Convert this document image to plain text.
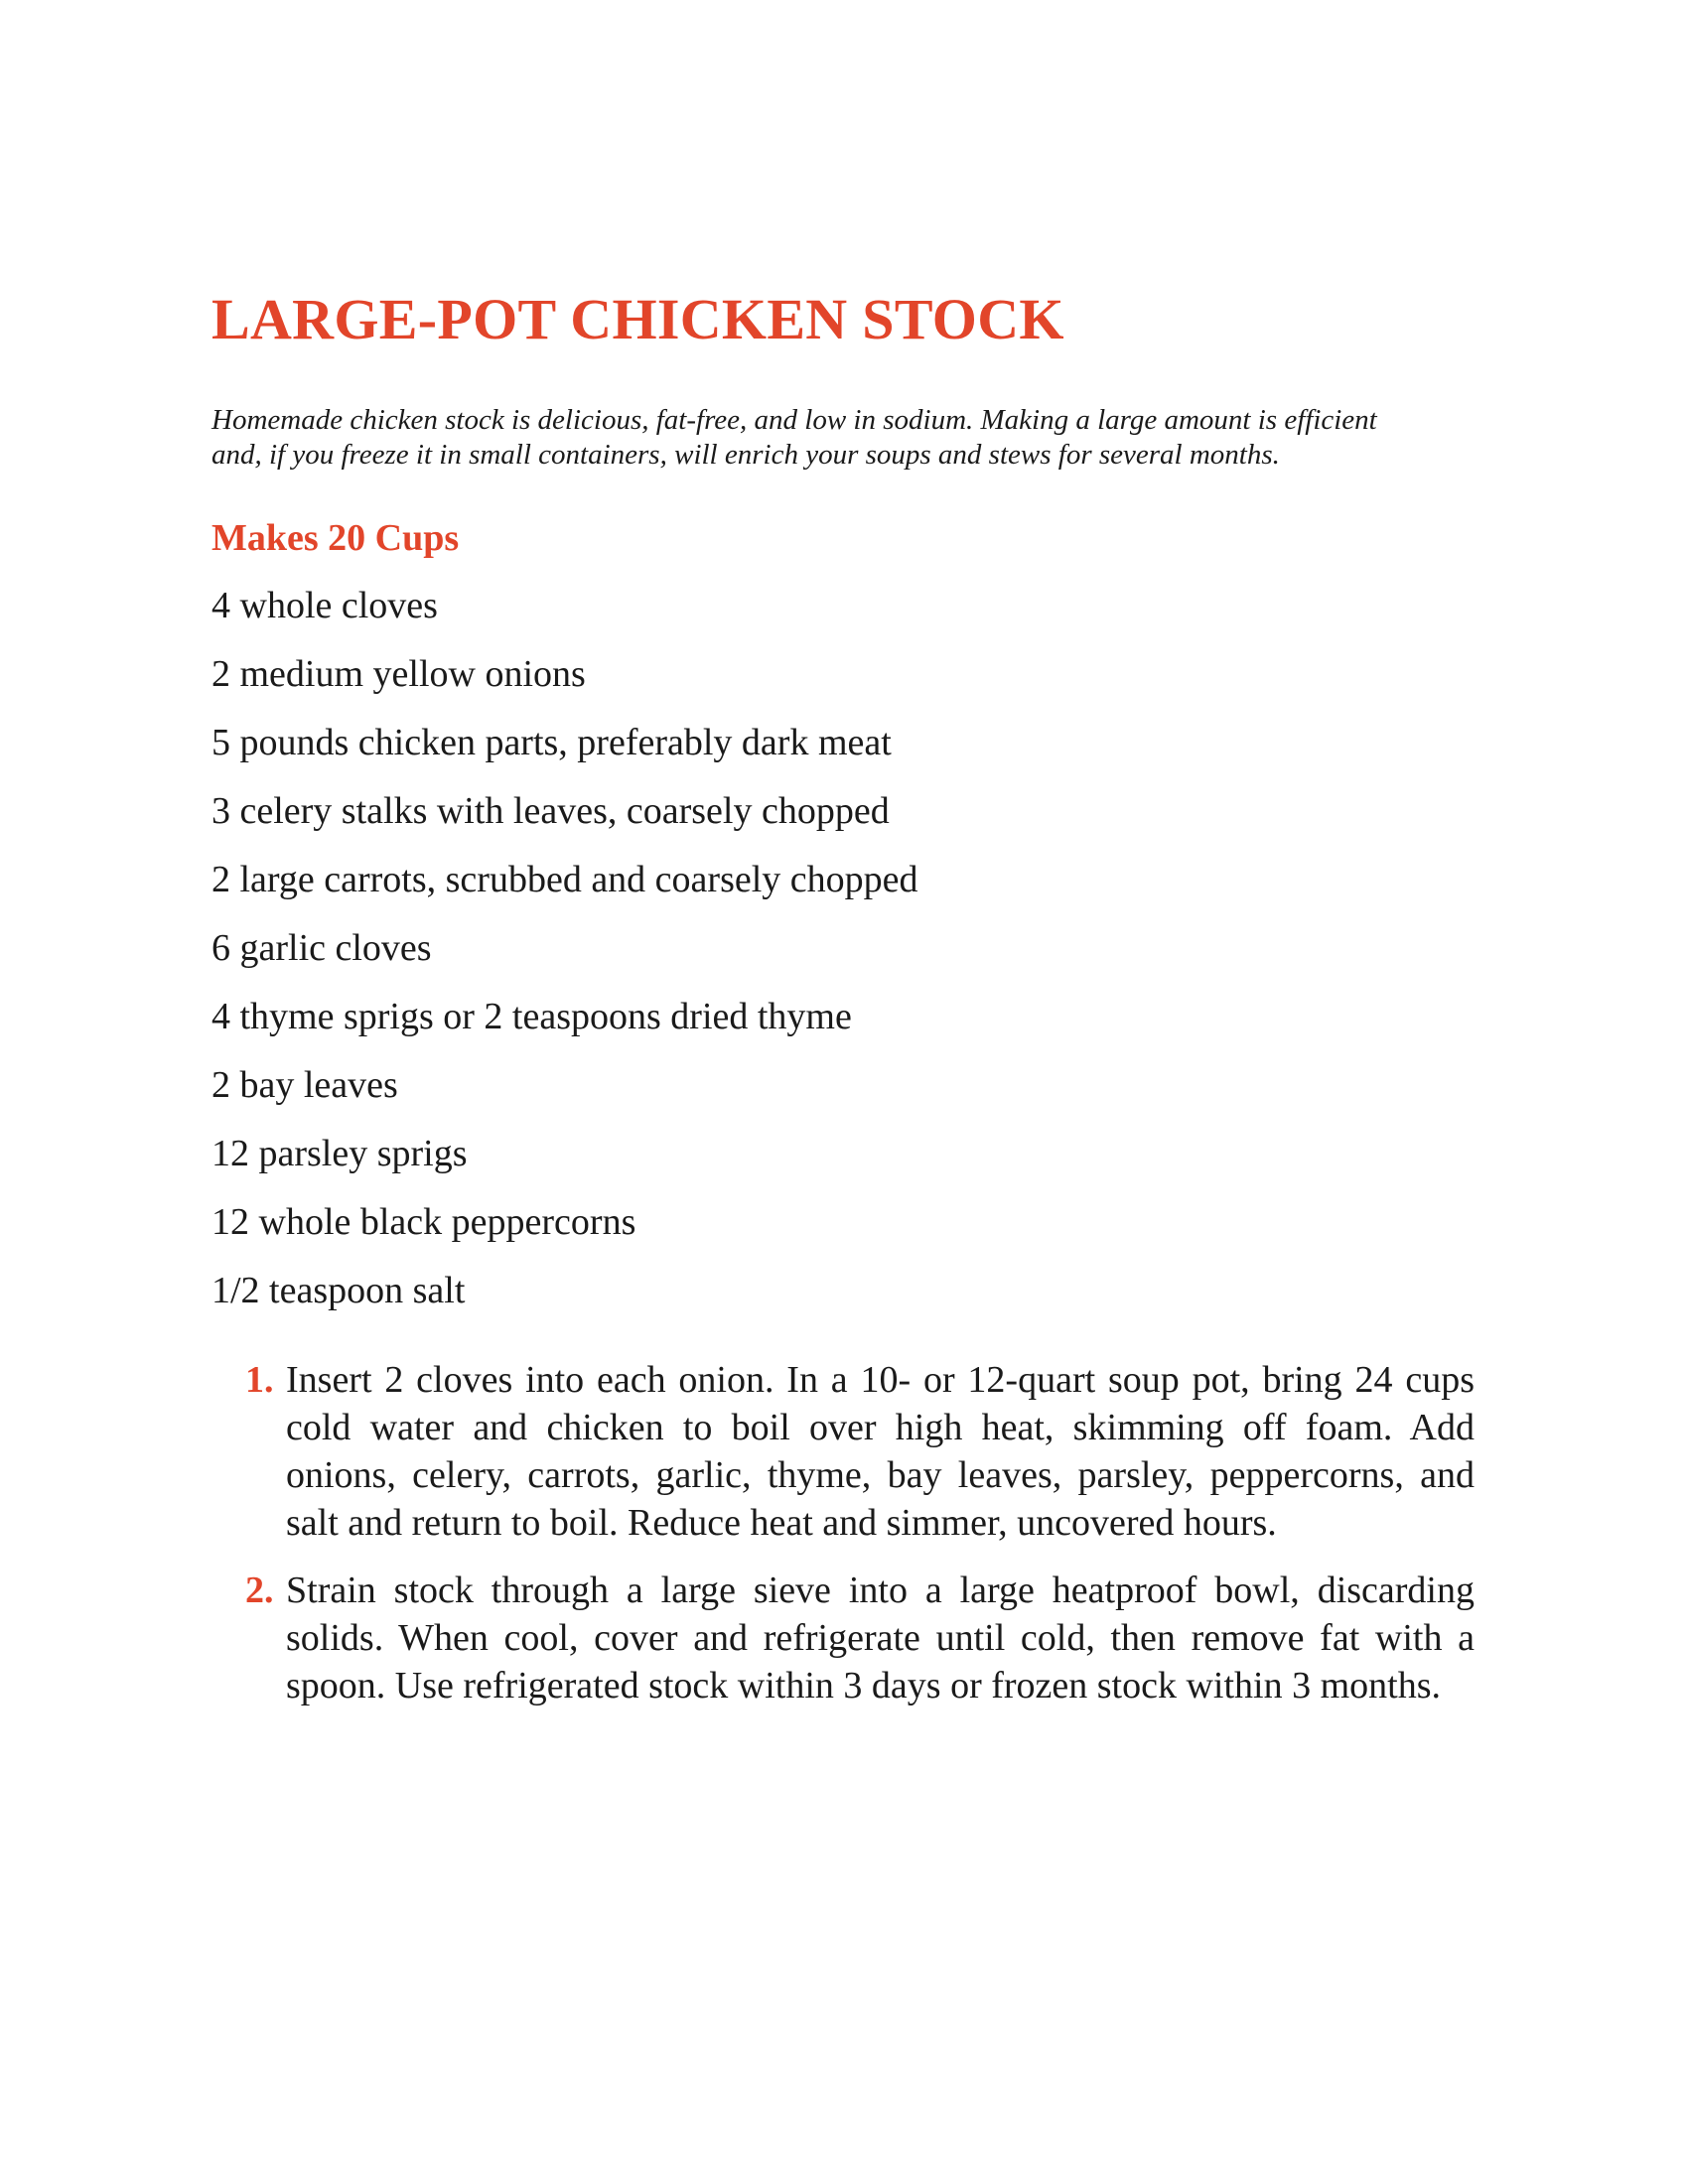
LARGE-POT CHICKEN STOCK

Homemade chicken stock is delicious, fat-free, and low in sodium. Making a large amount is efficient
and, if you freeze it in small containers, will enrich your soups and stews for several months.

Makes 20 Cups
4 whole cloves
2 medium yellow onions
5 pounds chicken parts, preferably dark meat
3 celery stalks with leaves, coarsely chopped
2 large carrots, scrubbed and coarsely chopped
6 garlic cloves
4 thyme sprigs or 2 teaspoons dried thyme
2 bay leaves
12 parsley sprigs
12 whole black peppercorns
1/2 teaspoon salt
1. Insert 2 cloves into each onion. In a 10- or 12-quart soup pot, bring 24 cups cold water and chicken to boil over high heat, skimming off foam. Add onions, celery, carrots, garlic, thyme, bay leaves, parsley, peppercorns, and salt and return to boil. Reduce heat and simmer, uncovered hours.
2. Strain stock through a large sieve into a large heatproof bowl, discarding solids. When cool, cover and refrigerate until cold, then remove fat with a spoon. Use refrigerated stock within 3 days or frozen stock within 3 months.
